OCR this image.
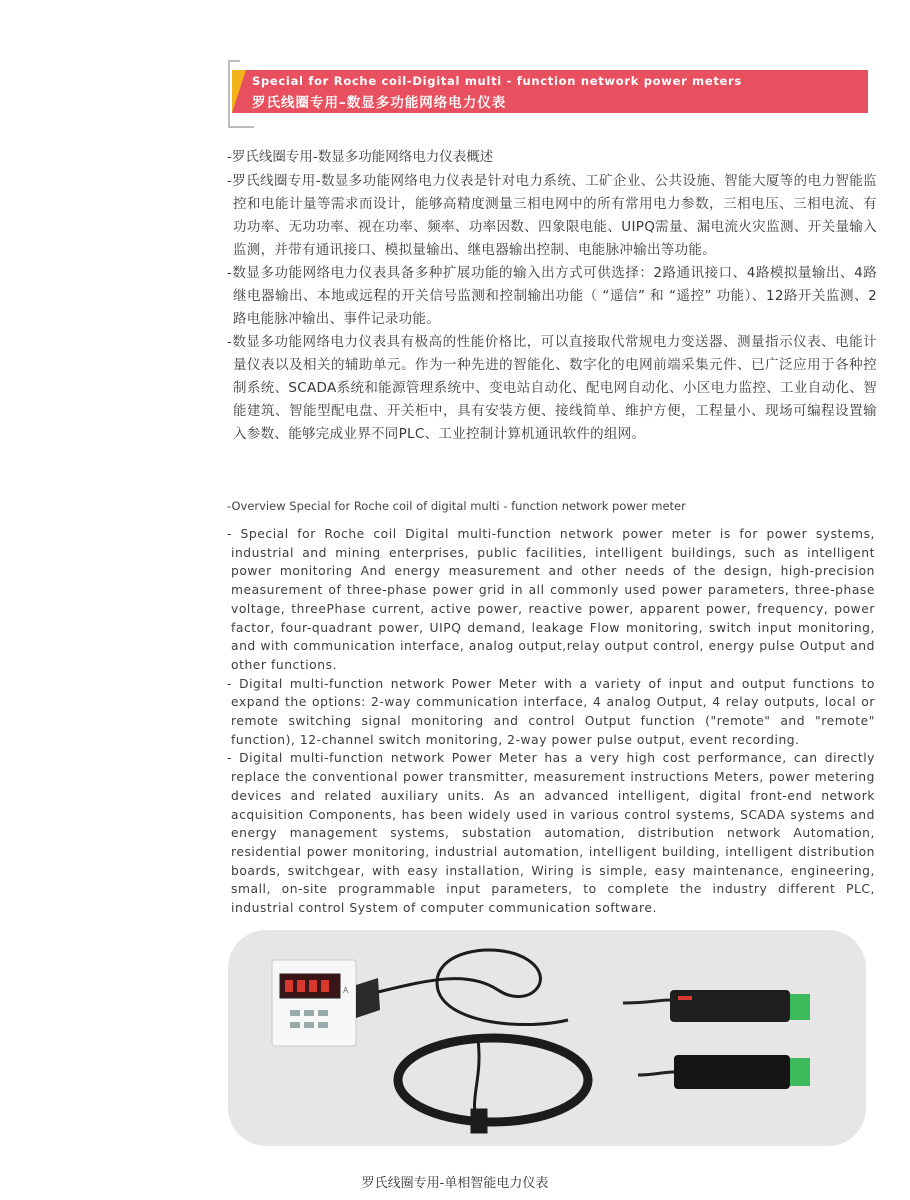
Special for Roche coil-Digital multi - function network power meters
罗氏线圈专用–数显多功能网络电力仪表
-罗氏线圈专用-数显多功能网络电力仪表概述

-罗氏线圈专用-数显多功能网络电力仪表是针对电力系统、工矿企业、公共设施、智能大厦等的电力智能监控和电能计量等需求而设计，能够高精度测量三相电网中的所有常用电力参数，三相电压、三相电流、有功功率、无功功率、视在功率、频率、功率因数、四象限电能、UIPQ需量、漏电流火灾监测、开关量输入监测，并带有通讯接口、模拟量输出、继电器输出控制、电能脉冲输出等功能。

-数显多功能网络电力仪表具备多种扩展功能的输入出方式可供选择：2路通讯接口、4路模拟量输出、4路继电器输出、本地或远程的开关信号监测和控制输出功能（ “遥信” 和 “遥控” 功能）、12路开关监测、2路电能脉冲输出、事件记录功能。

-数显多功能网络电力仪表具有极高的性能价格比，可以直接取代常规电力变送器、测量指示仪表、电能计量仪表以及相关的辅助单元。作为一种先进的智能化、数字化的电网前端采集元件、已广泛应用于各种控制系统、SCADA系统和能源管理系统中、变电站自动化、配电网自动化、小区电力监控、工业自动化、智能建筑、智能型配电盘、开关柜中，具有安装方便、接线简单、维护方便，工程量小、现场可编程设置输入参数、能够完成业界不同PLC、工业控制计算机通讯软件的组网。

-Overview Special for Roche coil of digital multi - function network power meter

- Special for Roche coil Digital multi-function network power meter is for power systems, industrial and mining enterprises, public facilities, intelligent buildings, such as intelligent power monitoring And energy measurement and other needs of the design, high-precision measurement of three-phase power grid in all commonly used power parameters, three-phase voltage, threePhase current, active power, reactive power, apparent power, frequency, power factor, four-quadrant power, UIPQ demand, leakage Flow monitoring, switch input monitoring, and with communication interface, analog output,relay output control, energy pulse Output and other functions.

- Digital multi-function network Power Meter with a variety of input and output functions to expand the options: 2-way communication interface, 4 analog Output, 4 relay outputs, local or remote switching signal monitoring and control Output function ("remote" and "remote" function), 12-channel switch monitoring, 2-way power pulse output, event recording.

- Digital multi-function network Power Meter has a very high cost performance, can directly replace the conventional power transmitter, measurement instructions Meters, power metering devices and related auxiliary units. As an advanced intelligent, digital front-end network acquisition Components, has been widely used in various control systems, SCADA systems and energy management systems, substation automation, distribution network Automation, residential power monitoring, industrial automation, intelligent building, intelligent distribution boards, switchgear, with easy installation, Wiring is simple, easy maintenance, engineering, small, on-site programmable input parameters, to complete the industry different PLC, industrial control System of computer communication software.

A
罗氏线圈专用-单相智能电力仪表
